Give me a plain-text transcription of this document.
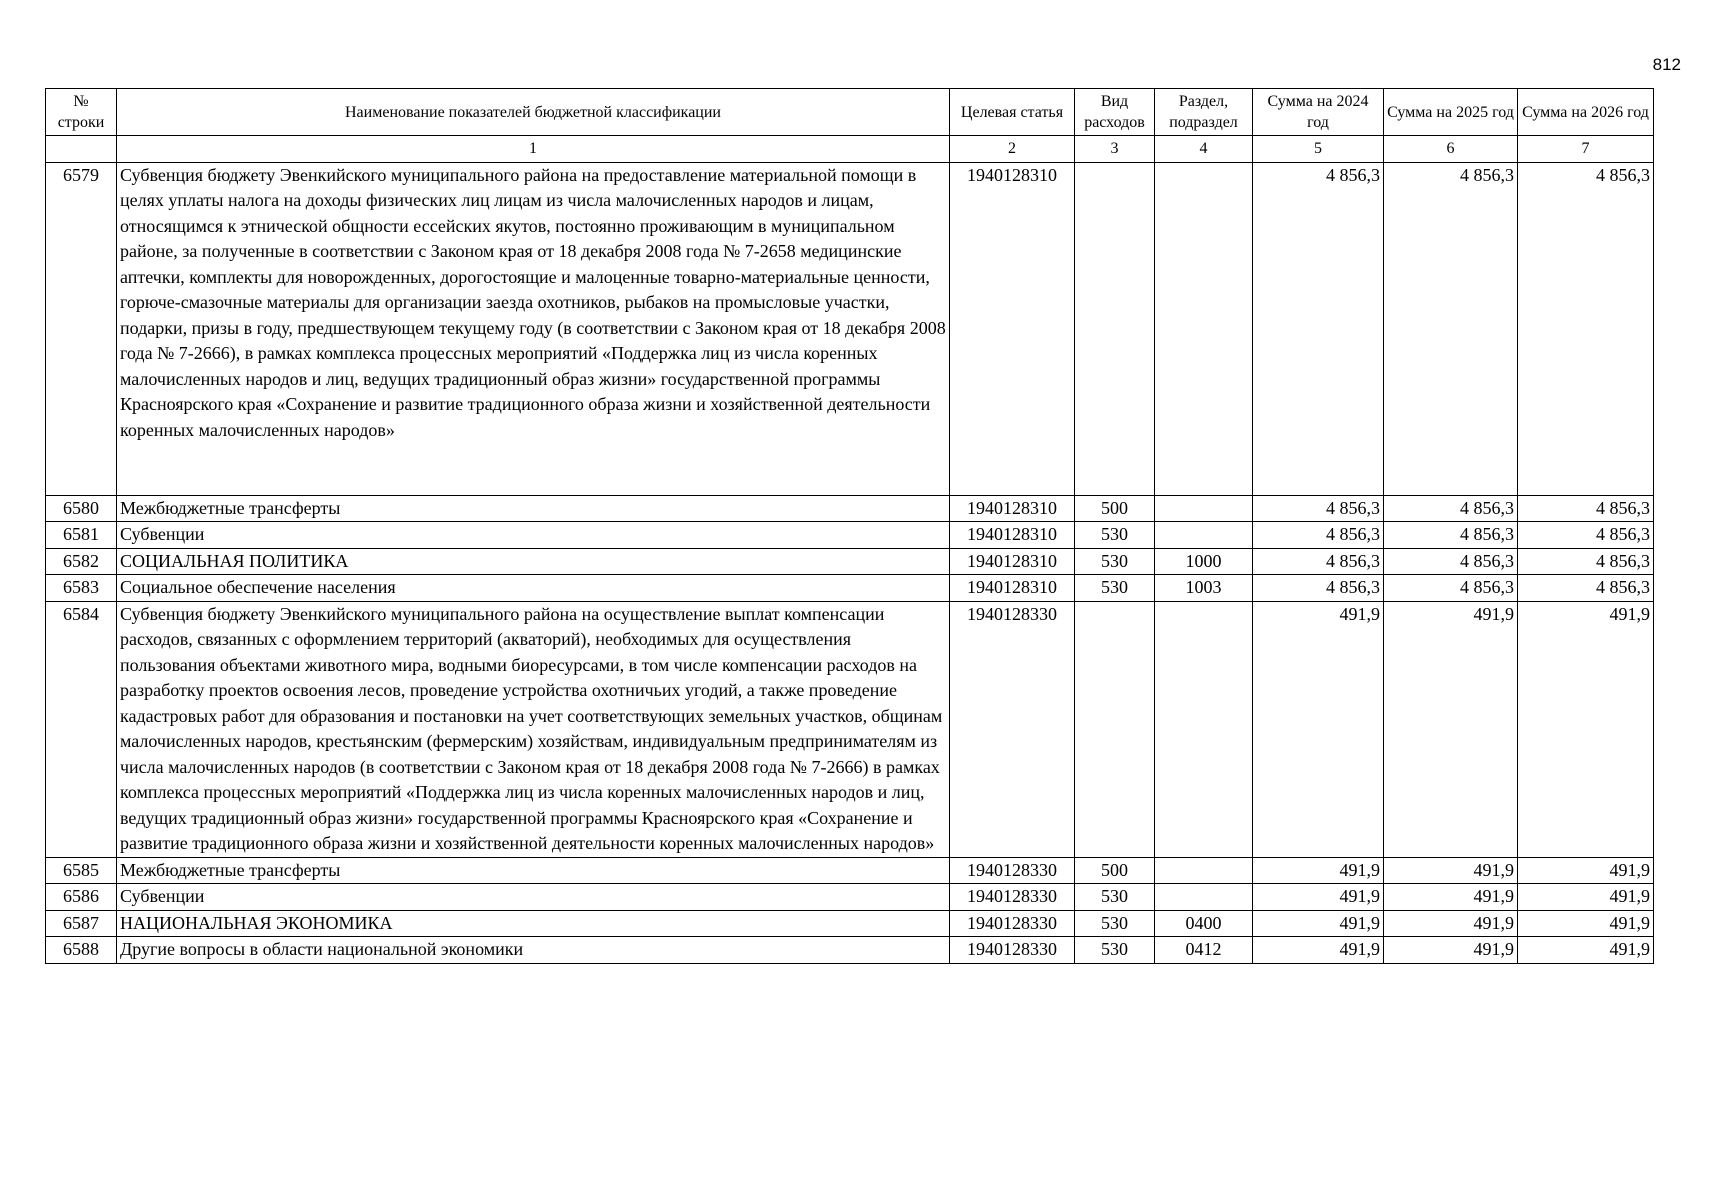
812
№ строки	Наименование показателей бюджетной классификации	Целевая статья	Вид расходов	Раздел, подраздел	Сумма на 2024 год	Сумма на 2025 год	Сумма на 2026 год
	1	2	3	4	5	6	7
6579	Субвенция бюджету Эвенкийского муниципального района на предоставление материальной помощи в целях уплаты налога на доходы физических лиц лицам из числа малочисленных народов и лицам, относящимся к этнической общности ессейских якутов, постоянно проживающим в муниципальном районе, за полученные в соответствии с Законом края от 18 декабря 2008 года № 7-2658 медицинские аптечки, комплекты для новорожденных, дорогостоящие и малоценные товарно-материальные ценности, горюче-смазочные материалы для организации заезда охотников, рыбаков на промысловые участки, подарки, призы в году, предшествующем текущему году (в соответствии с Законом края от 18 декабря 2008 года № 7-2666), в рамках комплекса процессных мероприятий «Поддержка лиц из числа коренных малочисленных народов и лиц, ведущих традиционный образ жизни» государственной программы Красноярского края «Сохранение и развитие традиционного образа жизни и хозяйственной деятельности коренных малочисленных народов»	1940128310			4 856,3	4 856,3	4 856,3
6580	Межбюджетные трансферты	1940128310	500		4 856,3	4 856,3	4 856,3
6581	Субвенции	1940128310	530		4 856,3	4 856,3	4 856,3
6582	СОЦИАЛЬНАЯ ПОЛИТИКА	1940128310	530	1000	4 856,3	4 856,3	4 856,3
6583	Социальное обеспечение населения	1940128310	530	1003	4 856,3	4 856,3	4 856,3
6584	Субвенция бюджету Эвенкийского муниципального района на осуществление выплат компенсации расходов, связанных с оформлением территорий (акваторий), необходимых для осуществления пользования объектами животного мира, водными биоресурсами, в том числе компенсации расходов на разработку проектов освоения лесов, проведение устройства охотничьих угодий, а также проведение кадастровых работ для образования и постановки на учет соответствующих земельных участков, общинам малочисленных народов, крестьянским (фермерским) хозяйствам, индивидуальным предпринимателям из числа малочисленных народов (в соответствии с Законом края от 18 декабря 2008 года № 7-2666) в рамках комплекса процессных мероприятий «Поддержка лиц из числа коренных малочисленных народов и лиц, ведущих традиционный образ жизни» государственной программы Красноярского края «Сохранение и развитие традиционного образа жизни и хозяйственной деятельности коренных малочисленных народов»	1940128330			491,9	491,9	491,9
6585	Межбюджетные трансферты	1940128330	500		491,9	491,9	491,9
6586	Субвенции	1940128330	530		491,9	491,9	491,9
6587	НАЦИОНАЛЬНАЯ ЭКОНОМИКА	1940128330	530	0400	491,9	491,9	491,9
6588	Другие вопросы в области национальной экономики	1940128330	530	0412	491,9	491,9	491,9
